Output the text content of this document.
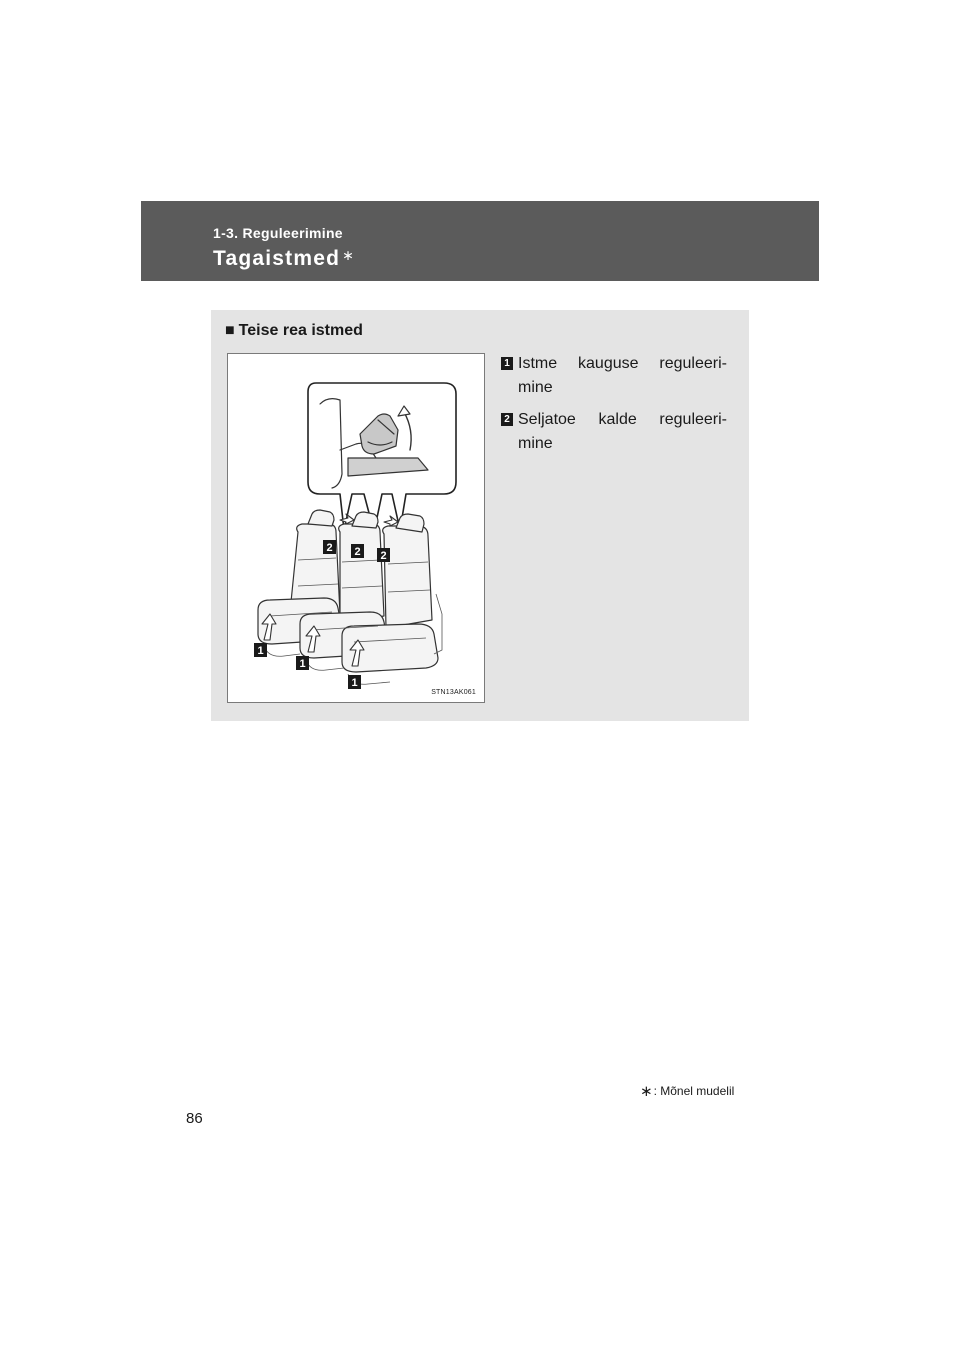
1-3. Reguleerimine
Tagaistmed ∗
■ Teise rea istmed
2 2 2
1
1
1
STN13AK061
1 Istme kauguse reguleeri-
mine
2 Seljatoe kalde reguleeri-
mine
∗: Mõnel mudelil
86
